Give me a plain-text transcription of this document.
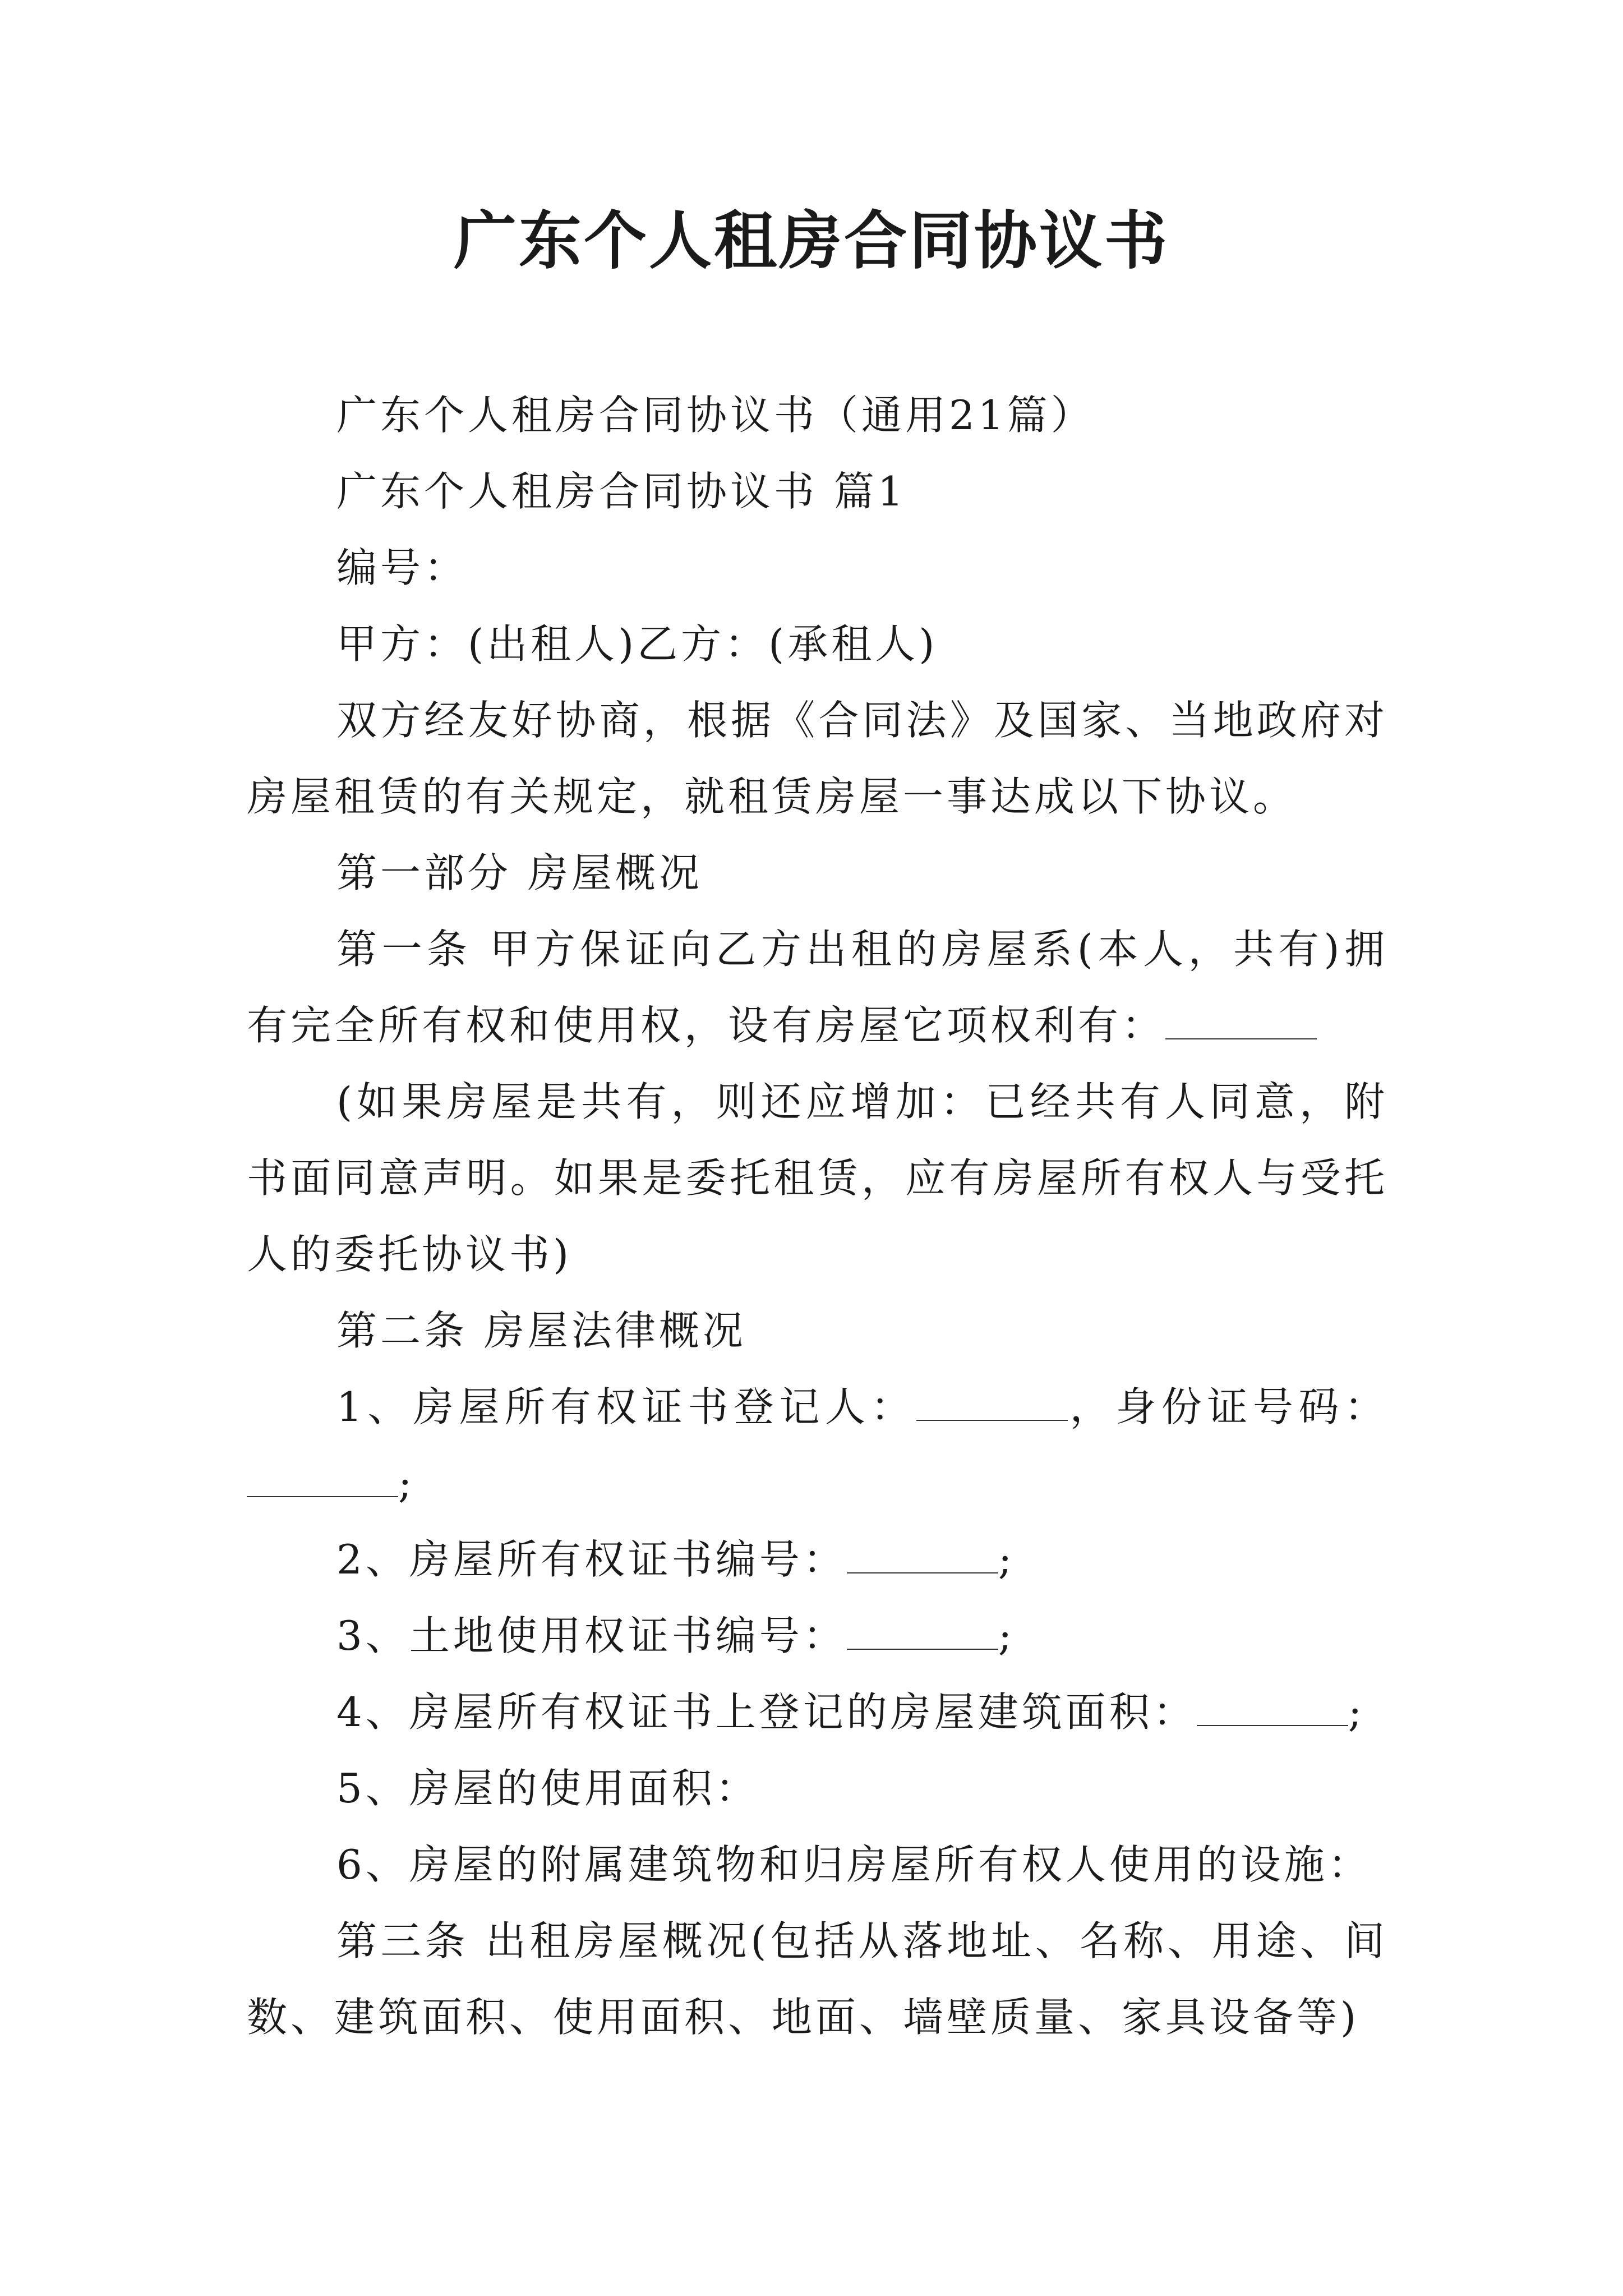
广东个人租房合同协议书

广东个人租房合同协议书（通用21篇）

广东个人租房合同协议书 篇1

编号：

甲方：(出租人)乙方：(承租人)

双方经友好协商，根据《合同法》及国家、当地政府对房屋租赁的有关规定，就租赁房屋一事达成以下协议。

第一部分 房屋概况

第一条 甲方保证向乙方出租的房屋系(本人，共有)拥有完全所有权和使用权，设有房屋它项权利有：

(如果房屋是共有，则还应增加：已经共有人同意，附书面同意声明。如果是委托租赁，应有房屋所有权人与受托人的委托协议书)

第二条 房屋法律概况

1、房屋所有权证书登记人：	，身份证号码：;

2、房屋所有权证书编号：	;

3、土地使用权证书编号：	;

4、房屋所有权证书上登记的房屋建筑面积：	;

5、房屋的使用面积：

6、房屋的附属建筑物和归房屋所有权人使用的设施：

第三条 出租房屋概况(包括从落地址、名称、用途、间数、建筑面积、使用面积、地面、墙壁质量、家具设备等)
